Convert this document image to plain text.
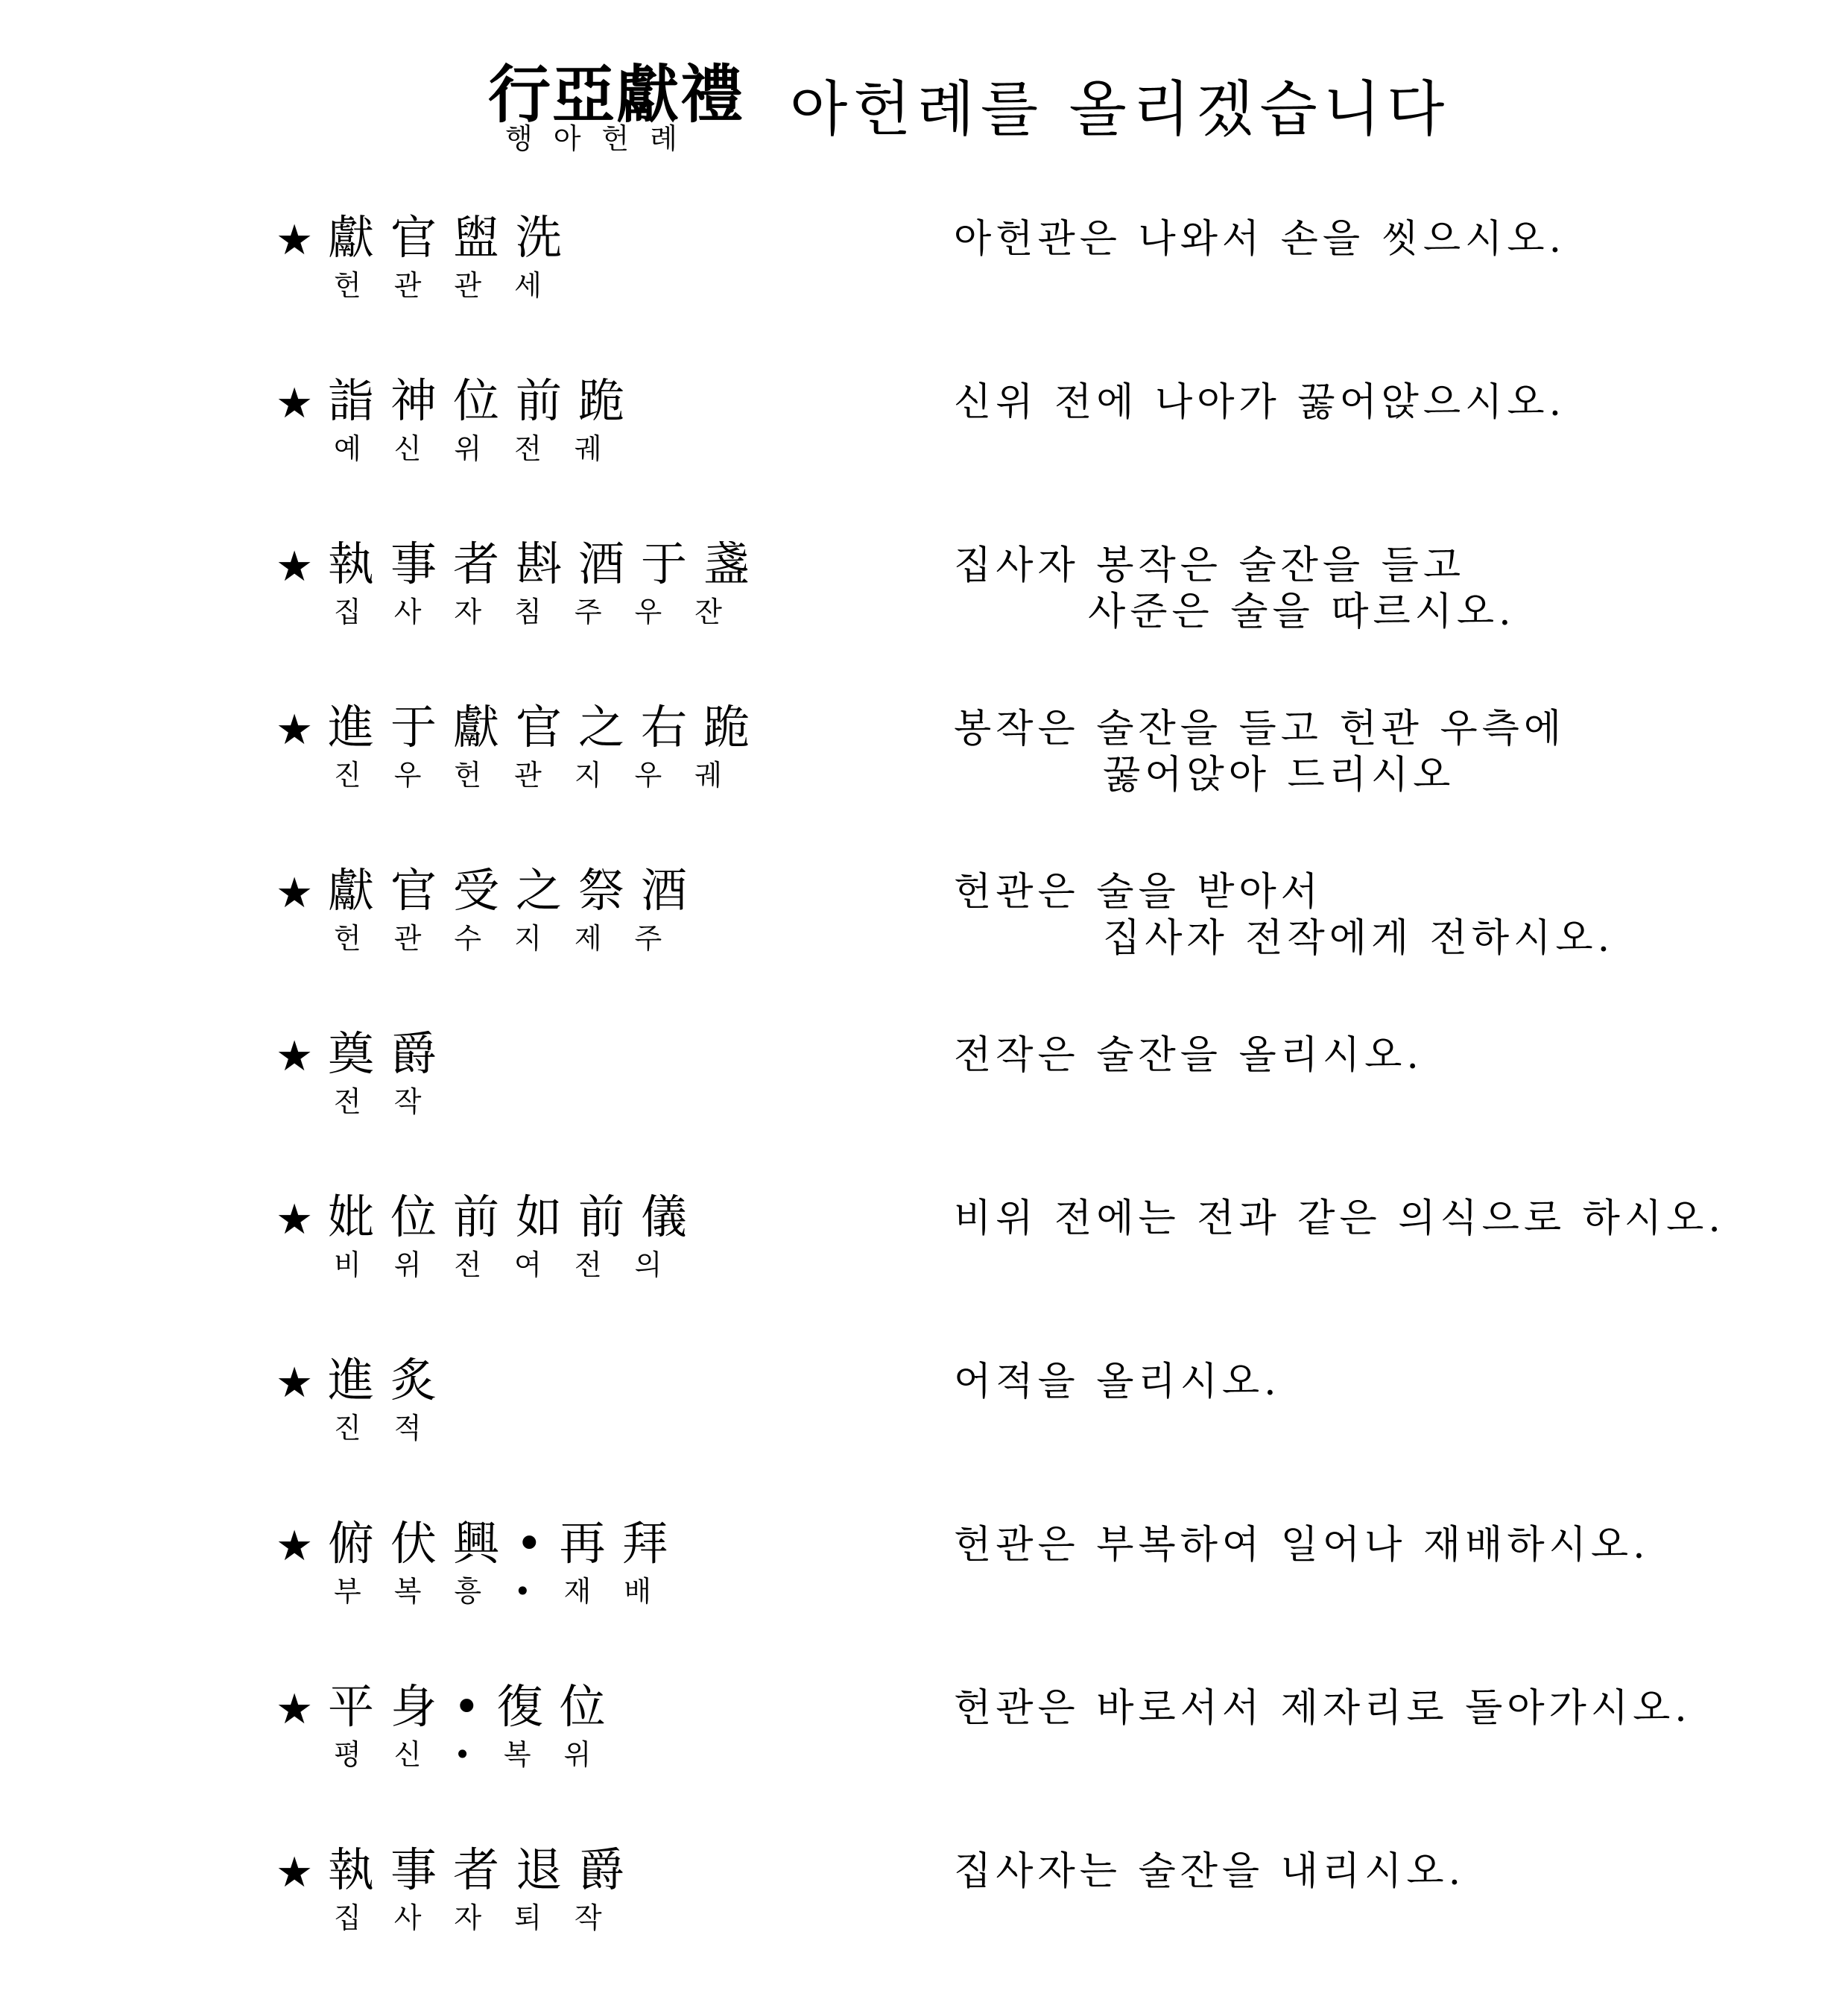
行亞獻禮
행아헌례 아헌례를 올리겠습니다
★ 獻官盥洗
헌관관세
아헌관은 나와서 손을 씻으시오.
★ 詣神位前跪
예신위전궤
신위 전에 나아가 꿇어앉으시오.
★ 執事者斟酒于盞
집사자침주우잔
집사자 봉작은 술잔을 들고
사준은 술을 따르시오.
★ 進于獻官之右跪
진우헌관지우궤
봉작은 술잔을 들고 헌관 우측에
꿇어앉아 드리시오
★ 獻官受之祭酒
헌관수지제주
헌관은 술을 받아서
집사자 전작에게 전하시오.
★ 奠爵
전작
전작은 술잔을 올리시오.
★ 妣位前如前儀
비위전여전의
비위 전에는 전과 같은 의식으로 하시오.
★ 進炙
진적
어적을 올리시오.
★ 俯伏興•再拜
부복흥•재배
헌관은 부복하여 일어나 재배하시오.
★ 平身•復位
평신•복위
헌관은 바로서서 제자리로 돌아가시오.
★ 執事者退爵
집사자퇴작
집사자는 술잔을 내리시오.
